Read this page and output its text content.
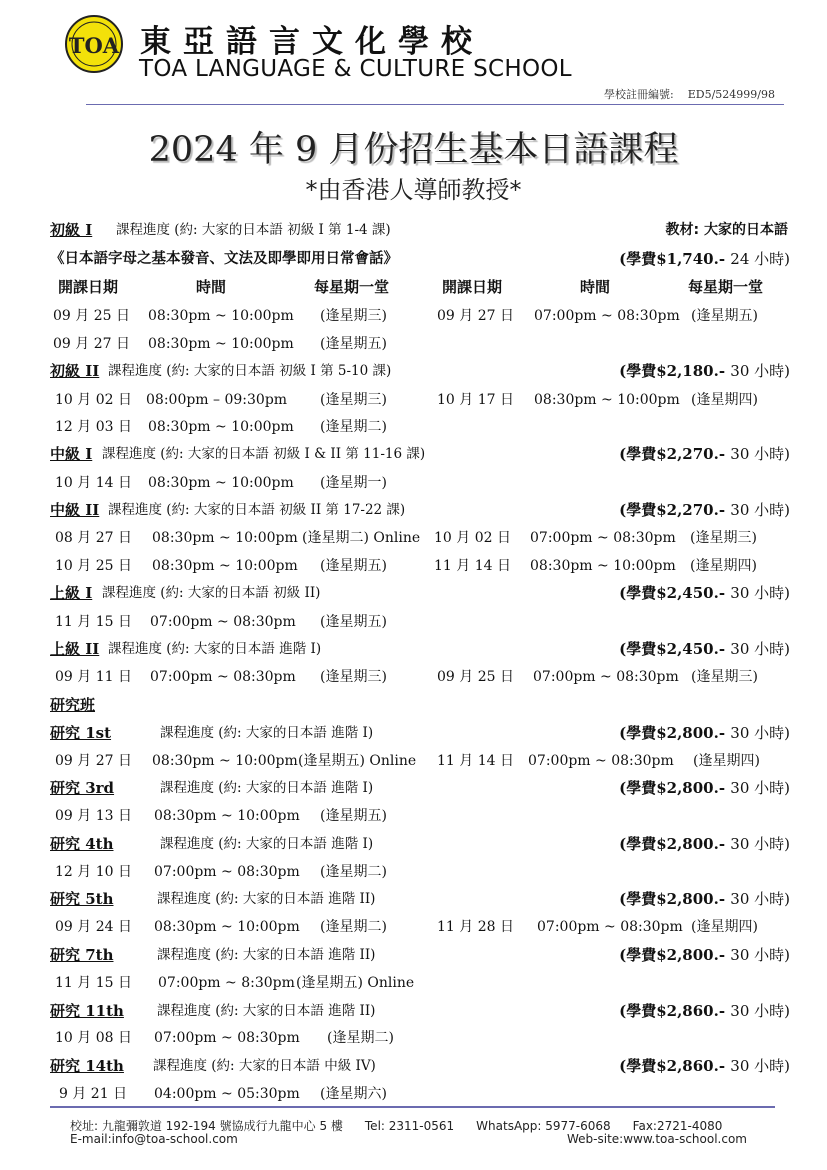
TOA 東亞語言文化學校
TOA LANGUAGE & CULTURE SCHOOL
學校註冊編號: ED5/524999/98
2024 年 9 月份招生基本日語課程
*由香港人導師教授*
初級 I 課程進度 (約: 大家的日本語 初級 I 第 1-4 課)	教材: 大家的日本語
《日本語字母之基本發音、文法及即學即用日常會話》	(學費$1,740.- 24 小時)
開課日期	時間	每星期一堂	開課日期	時間	每星期一堂
09 月 25 日 08:30pm ~ 10:00pm (逢星期三)	09 月 27 日 07:00pm ~ 08:30pm (逢星期五)
09 月 27 日 08:30pm ~ 10:00pm (逢星期五)
初級 II 課程進度 (約: 大家的日本語 初級 I 第 5-10 課)	(學費$2,180.- 30 小時)
10 月 02 日 08:00pm – 09:30pm (逢星期三)	10 月 17 日 08:30pm ~ 10:00pm (逢星期四)
12 月 03 日 08:30pm ~ 10:00pm (逢星期二)
中級 I 課程進度 (約: 大家的日本語 初級 I & II 第 11-16 課)	(學費$2,270.- 30 小時)
10 月 14 日 08:30pm ~ 10:00pm (逢星期一)
中級 II 課程進度 (約: 大家的日本語 初級 II 第 17-22 課)	(學費$2,270.- 30 小時)
08 月 27 日 08:30pm ~ 10:00pm (逢星期二) Online 10 月 02 日 07:00pm ~ 08:30pm (逢星期三)
10 月 25 日 08:30pm ~ 10:00pm (逢星期五)	11 月 14 日 08:30pm ~ 10:00pm (逢星期四)
上級 I 課程進度 (約: 大家的日本語 初級 II)	(學費$2,450.- 30 小時)
11 月 15 日 07:00pm ~ 08:30pm (逢星期五)
上級 II 課程進度 (約: 大家的日本語 進階 I)	(學費$2,450.- 30 小時)
09 月 11 日 07:00pm ~ 08:30pm (逢星期三)	09 月 25 日 07:00pm ~ 08:30pm (逢星期三)
研究班
研究 1st	課程進度 (約: 大家的日本語 進階 I)	(學費$2,800.- 30 小時)
09 月 27 日 08:30pm ~ 10:00pm (逢星期五) Online 11 月 14 日 07:00pm ~ 08:30pm (逢星期四)
研究 3rd	課程進度 (約: 大家的日本語 進階 I)	(學費$2,800.- 30 小時)
09 月 13 日 08:30pm ~ 10:00pm (逢星期五)
研究 4th	課程進度 (約: 大家的日本語 進階 I)	(學費$2,800.- 30 小時)
12 月 10 日 07:00pm ~ 08:30pm (逢星期二)
研究 5th	課程進度 (約: 大家的日本語 進階 II)	(學費$2,800.- 30 小時)
09 月 24 日 08:30pm ~ 10:00pm (逢星期二)	11 月 28 日 07:00pm ~ 08:30pm (逢星期四)
研究 7th	課程進度 (約: 大家的日本語 進階 II)	(學費$2,800.- 30 小時)
11 月 15 日 07:00pm ~ 8:30pm (逢星期五) Online
研究 11th 課程進度 (約: 大家的日本語 進階 II)	(學費$2,860.- 30 小時)
10 月 08 日 07:00pm ~ 08:30pm (逢星期二)
研究 14th 課程進度 (約: 大家的日本語 中級 IV)	(學費$2,860.- 30 小時)
9 月 21 日 04:00pm ~ 05:30pm (逢星期六)
校址: 九龍彌敦道 192-194 號協成行九龍中心 5 樓 Tel: 2311-0561 WhatsApp: 5977-6068 Fax:2721-4080
E-mail:info@toa-school.com	Web-site:www.toa-school.com
